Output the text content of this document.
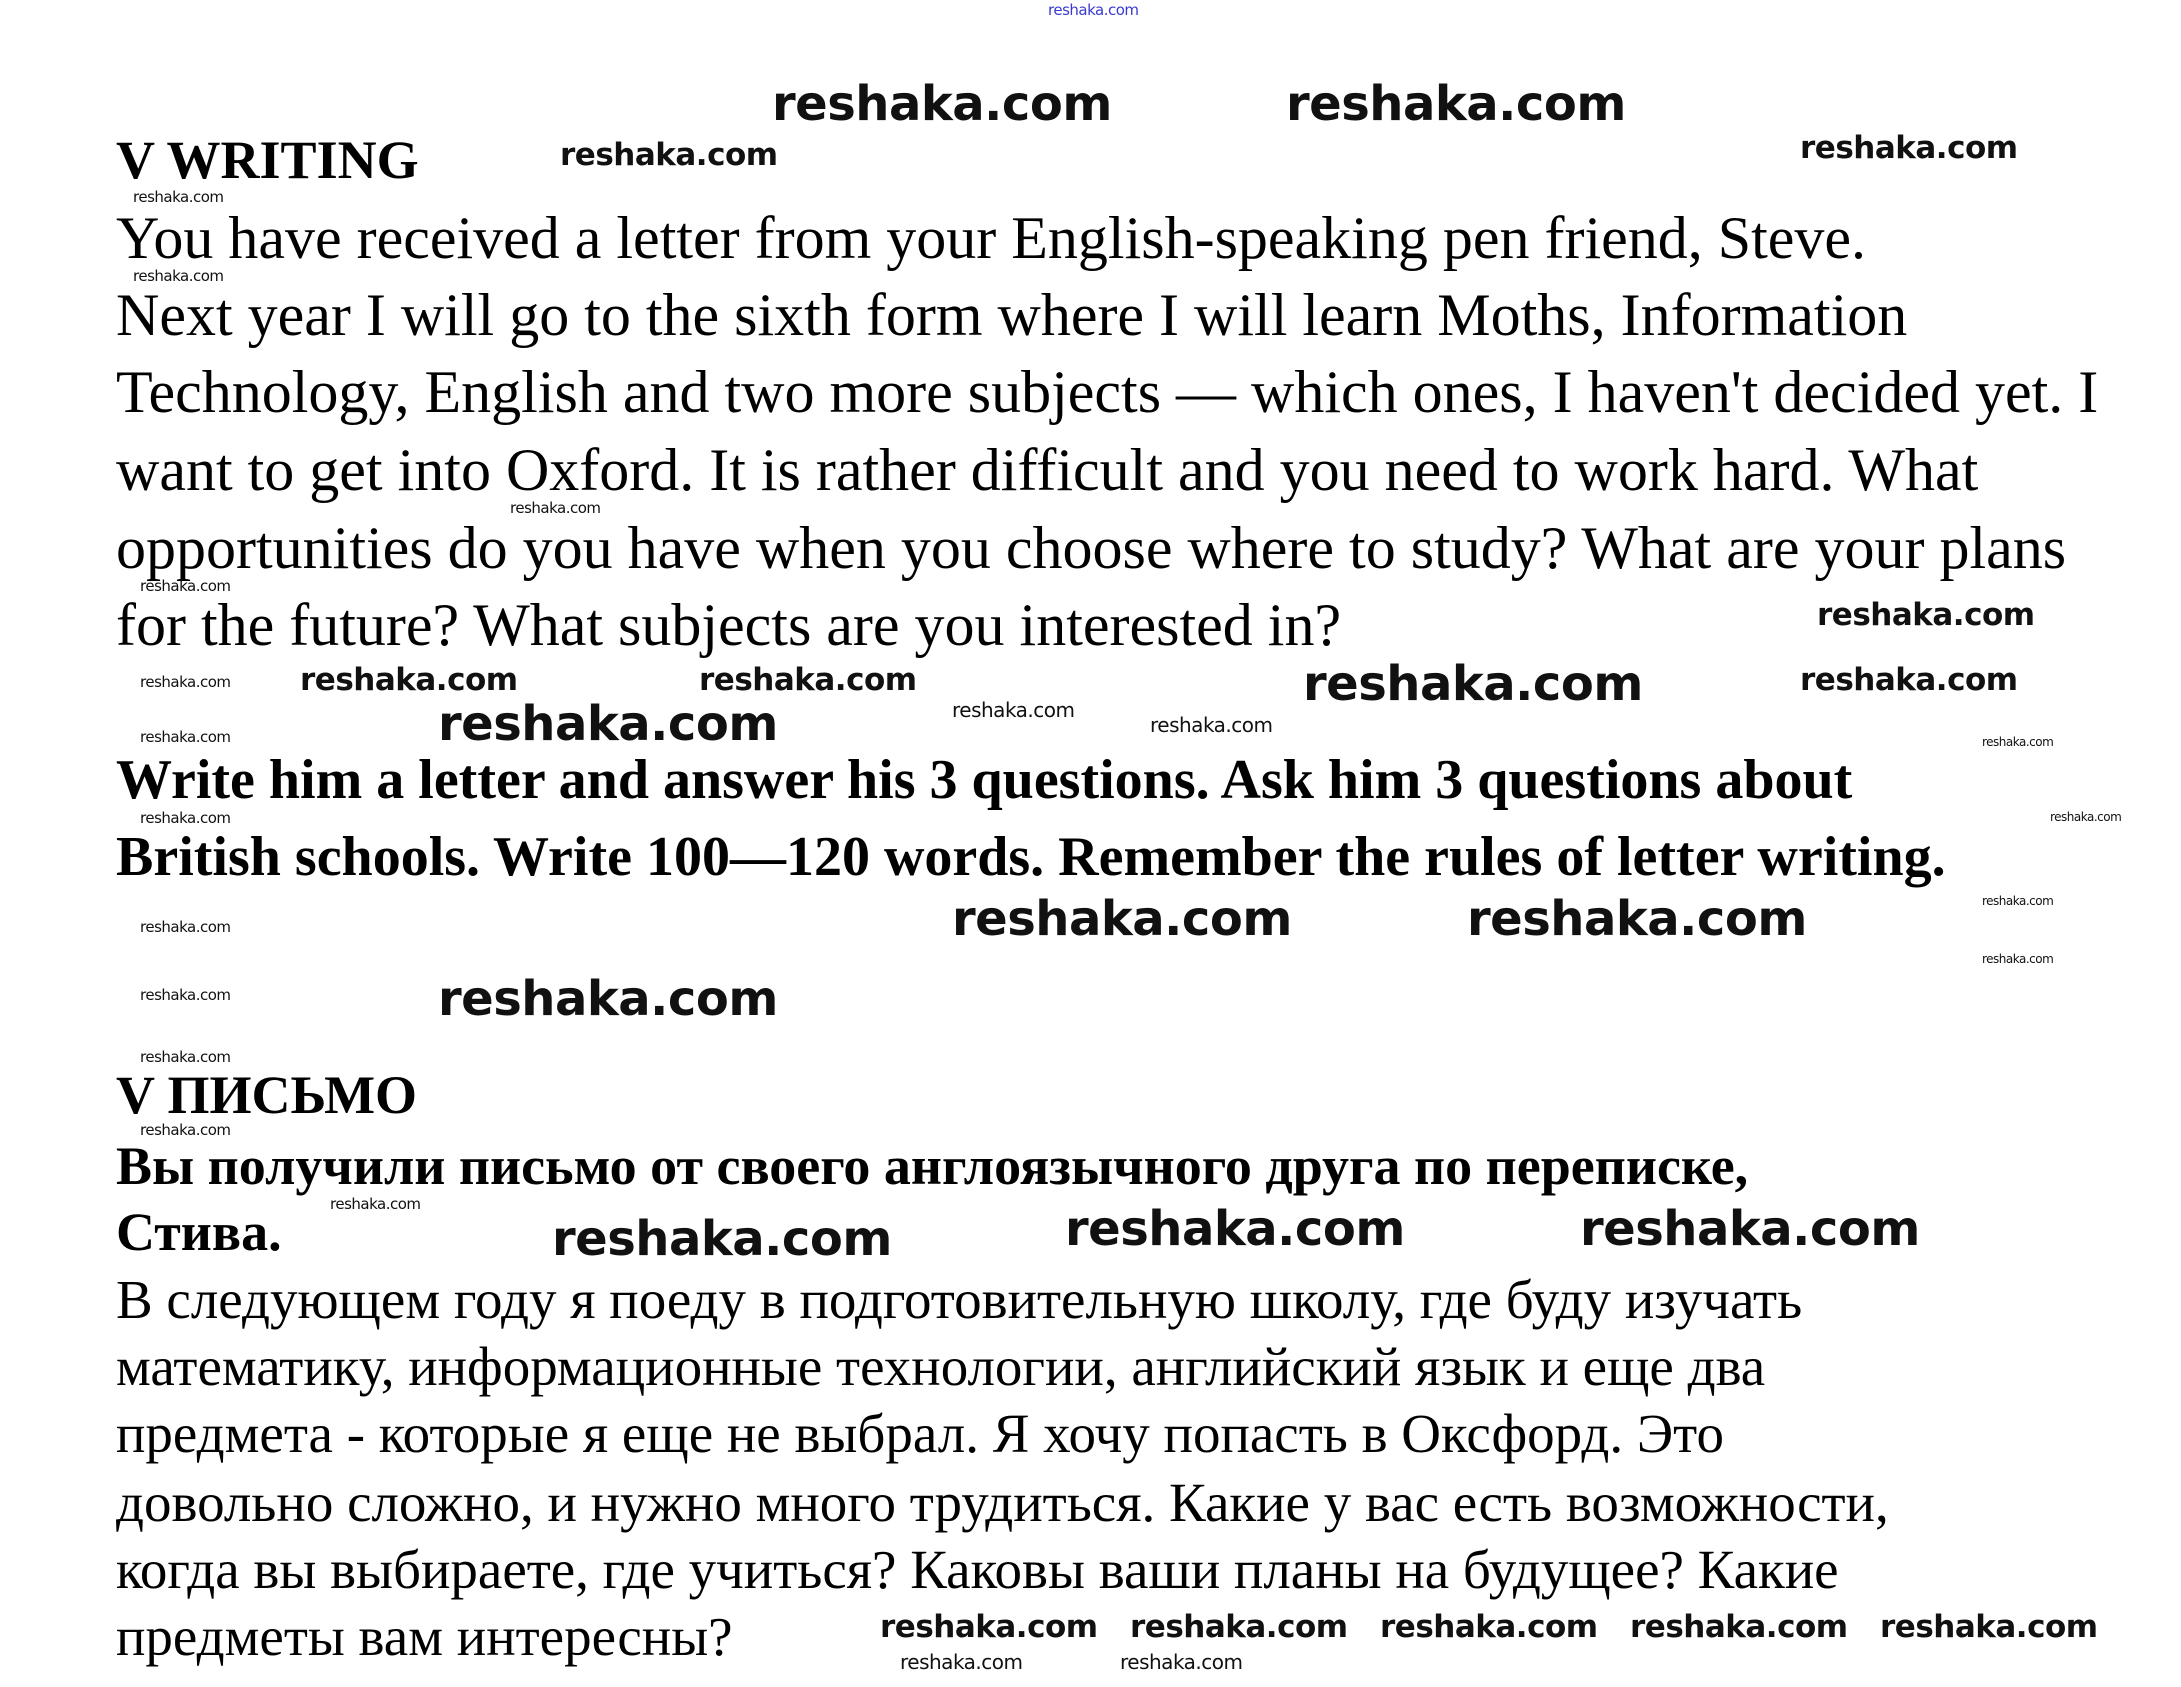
reshaka.com
V WRITING
You have received a letter from your English-speaking pen friend, Steve.
Next year I will go to the sixth form where I will learn Moths, Information
Technology, English and two more subjects — which ones, I haven't decided yet. I
want to get into Oxford. It is rather difficult and you need to work hard. What
opportunities do you have when you choose where to study? What are your plans
for the future? What subjects are you interested in?
Write him a letter and answer his 3 questions. Ask him 3 questions about
British schools. Write 100—120 words. Remember the rules of letter writing.
V ПИСЬМО
Вы получили письмо от своего англоязычного друга по переписке,
Стива.
В следующем году я поеду в подготовительную школу, где буду изучать
математику, информационные технологии, английский язык и еще два
предмета - которые я еще не выбрал. Я хочу попасть в Оксфорд. Это
довольно сложно, и нужно много трудиться. Какие у вас есть возможности,
когда вы выбираете, где учиться? Каковы ваши планы на будущее? Какие
предметы вам интересны?
reshaka.com
reshaka.com	reshaka.com
reshaka.com
reshaka.com
reshaka.com
reshaka.com
reshaka.com	reshaka.com
reshaka.com
reshaka.com
reshaka.com
reshaka.com
reshaka.com
reshaka.com
reshaka.com
reshaka.com
reshaka.com	reshaka.com
reshaka.com	reshaka.com
reshaka.com	reshaka.com	reshaka.com
reshaka.com
reshaka.com
reshaka.com	reshaka.com
reshaka.com
reshaka.com
reshaka.com	reshaka.com	reshaka.com
reshaka.com
reshaka.com
reshaka.com
reshaka.com reshaka.com reshaka.com reshaka.com
reshaka.com
